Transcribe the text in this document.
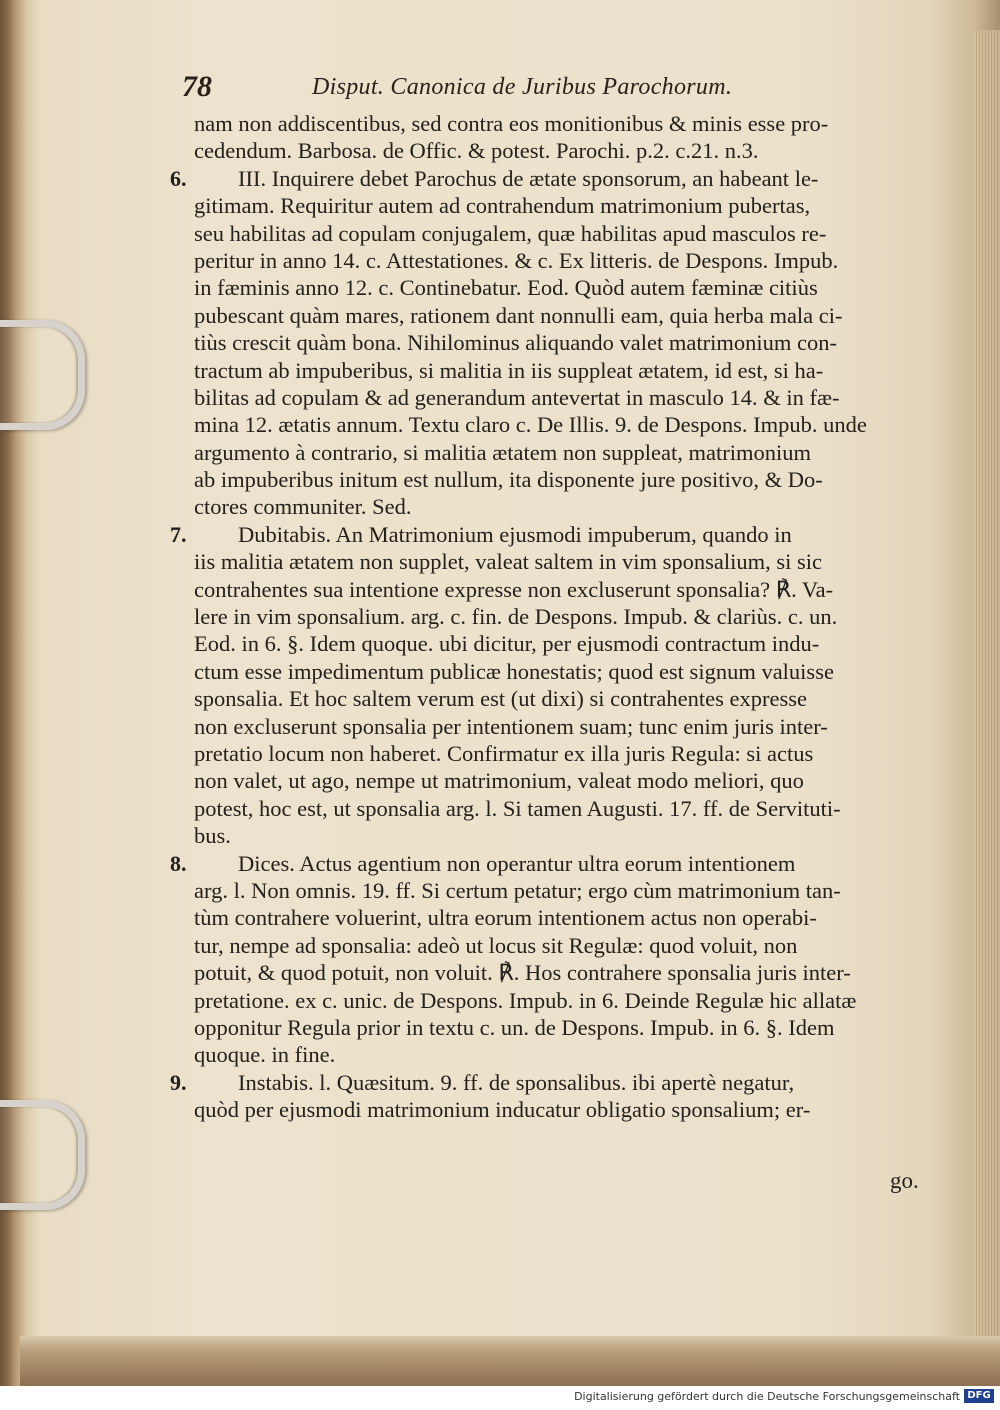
78	Disput. Canonica de Juribus Parochorum.
nam non addiscentibus, sed contra eos monitionibus & minis esse pro-
cedendum. Barbosa. de Offic. & potest. Parochi. p.2. c.21. n.3.
6. III. Inquirere debet Parochus de ætate sponsorum, an habeant le-
gitimam. Requiritur autem ad contrahendum matrimonium pubertas,
seu habilitas ad copulam conjugalem, quæ habilitas apud masculos re-
peritur in anno 14. c. Attestationes. & c. Ex litteris. de Despons. Impub.
in fæminis anno 12. c. Continebatur. Eod. Quòd autem fæminæ citiùs
pubescant quàm mares, rationem dant nonnulli eam, quia herba mala ci-
tiùs crescit quàm bona. Nihilominus aliquando valet matrimonium con-
tractum ab impuberibus, si malitia in iis suppleat ætatem, id est, si ha-
bilitas ad copulam & ad generandum antevertat in masculo 14. & in fæ-
mina 12. ætatis annum. Textu claro c. De Illis. 9. de Despons. Impub. unde
argumento à contrario, si malitia ætatem non suppleat, matrimonium
ab impuberibus initum est nullum, ita disponente jure positivo, & Do-
ctores communiter. Sed.
7. Dubitabis. An Matrimonium ejusmodi impuberum, quando in
iis malitia ætatem non supplet, valeat saltem in vim sponsalium, si sic
contrahentes sua intentione expresse non excluserunt sponsalia? ℟. Va-
lere in vim sponsalium. arg. c. fin. de Despons. Impub. & clariùs. c. un.
Eod. in 6. §. Idem quoque. ubi dicitur, per ejusmodi contractum indu-
ctum esse impedimentum publicæ honestatis; quod est signum valuisse
sponsalia. Et hoc saltem verum est (ut dixi) si contrahentes expresse
non excluserunt sponsalia per intentionem suam; tunc enim juris inter-
pretatio locum non haberet. Confirmatur ex illa juris Regula: si actus
non valet, ut ago, nempe ut matrimonium, valeat modo meliori, quo
potest, hoc est, ut sponsalia arg. l. Si tamen Augusti. 17. ff. de Servituti-
bus.
8. Dices. Actus agentium non operantur ultra eorum intentionem
arg. l. Non omnis. 19. ff. Si certum petatur; ergo cùm matrimonium tan-
tùm contrahere voluerint, ultra eorum intentionem actus non operabi-
tur, nempe ad sponsalia: adeò ut locus sit Regulæ: quod voluit, non
potuit, & quod potuit, non voluit. ℟. Hos contrahere sponsalia juris inter-
pretatione. ex c. unic. de Despons. Impub. in 6. Deinde Regulæ hic allatæ
opponitur Regula prior in textu c. un. de Despons. Impub. in 6. §. Idem
quoque. in fine.
9. Instabis. l. Quæsitum. 9. ff. de sponsalibus. ibi apertè negatur,
quòd per ejusmodi matrimonium inducatur obligatio sponsalium; er-
go.
Digitalisierung gefördert durch die Deutsche Forschungsgemeinschaft DFG
